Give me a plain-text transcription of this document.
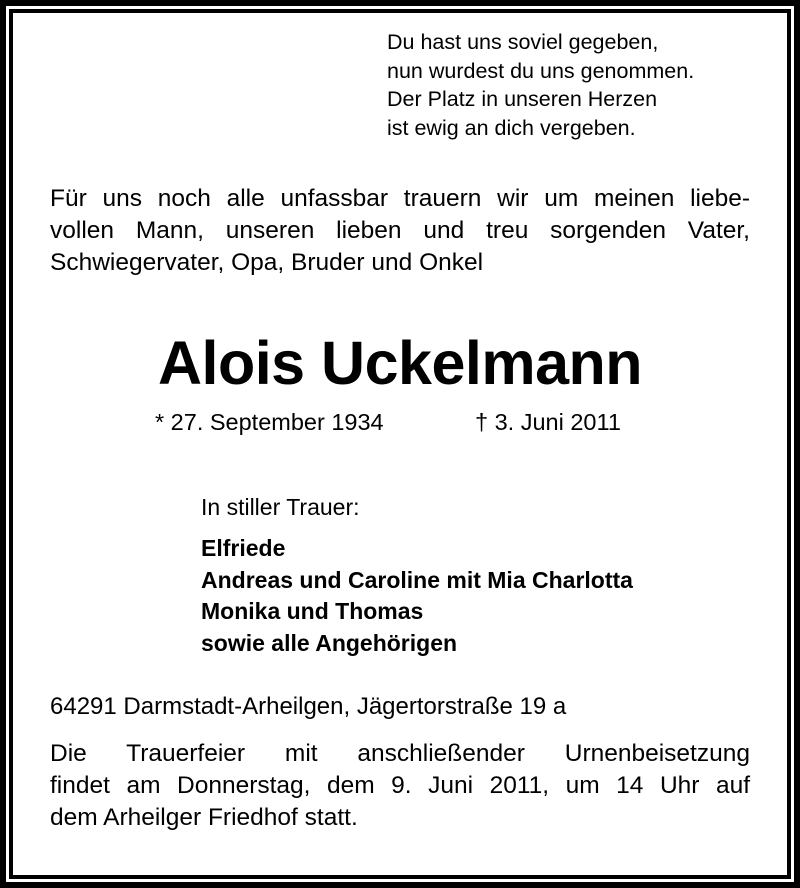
Du hast uns soviel gegeben,
nun wurdest du uns genommen.
Der Platz in unseren Herzen
ist ewig an dich vergeben.
Für uns noch alle unfassbar trauern wir um meinen liebe-
vollen Mann, unseren lieben und treu sorgenden Vater,
Schwiegervater, Opa, Bruder und Onkel
Alois Uckelmann
* 27. September 1934	† 3. Juni 2011
In stiller Trauer:
Elfriede
Andreas und Caroline mit Mia Charlotta
Monika und Thomas
sowie alle Angehörigen
64291 Darmstadt-Arheilgen, Jägertorstraße 19 a
Die Trauerfeier mit anschließender Urnenbeisetzung
findet am Donnerstag, dem 9. Juni 2011, um 14 Uhr auf
dem Arheilger Friedhof statt.
